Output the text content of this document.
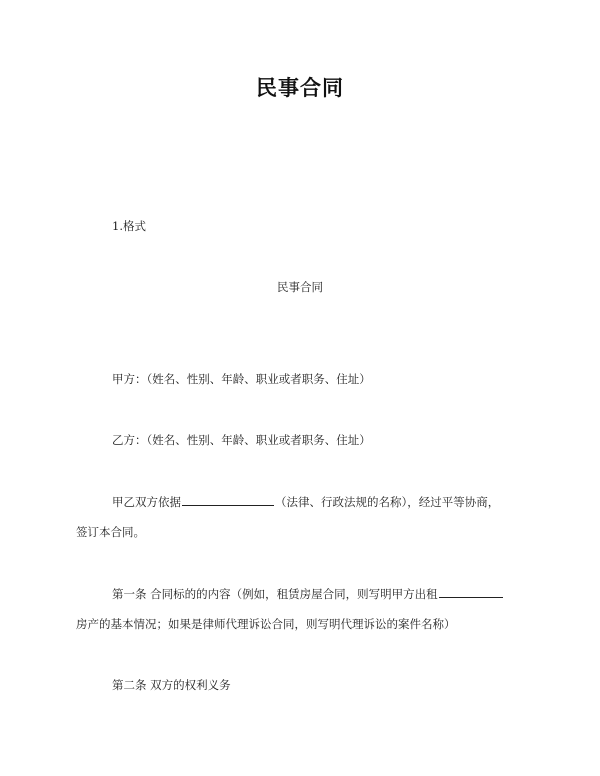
民事合同
1.格式
民事合同
甲方：（姓名、性别、年龄、职业或者职务、住址）
乙方：（姓名、性别、年龄、职业或者职务、住址）
甲乙双方依据	（法律、行政法规的名称），经过平等协商，
签订本合同。
第一条 合同标的的内容（例如，租赁房屋合同，则写明甲方出租
房产的基本情况；如果是律师代理诉讼合同，则写明代理诉讼的案件名称）
第二条 双方的权利义务
